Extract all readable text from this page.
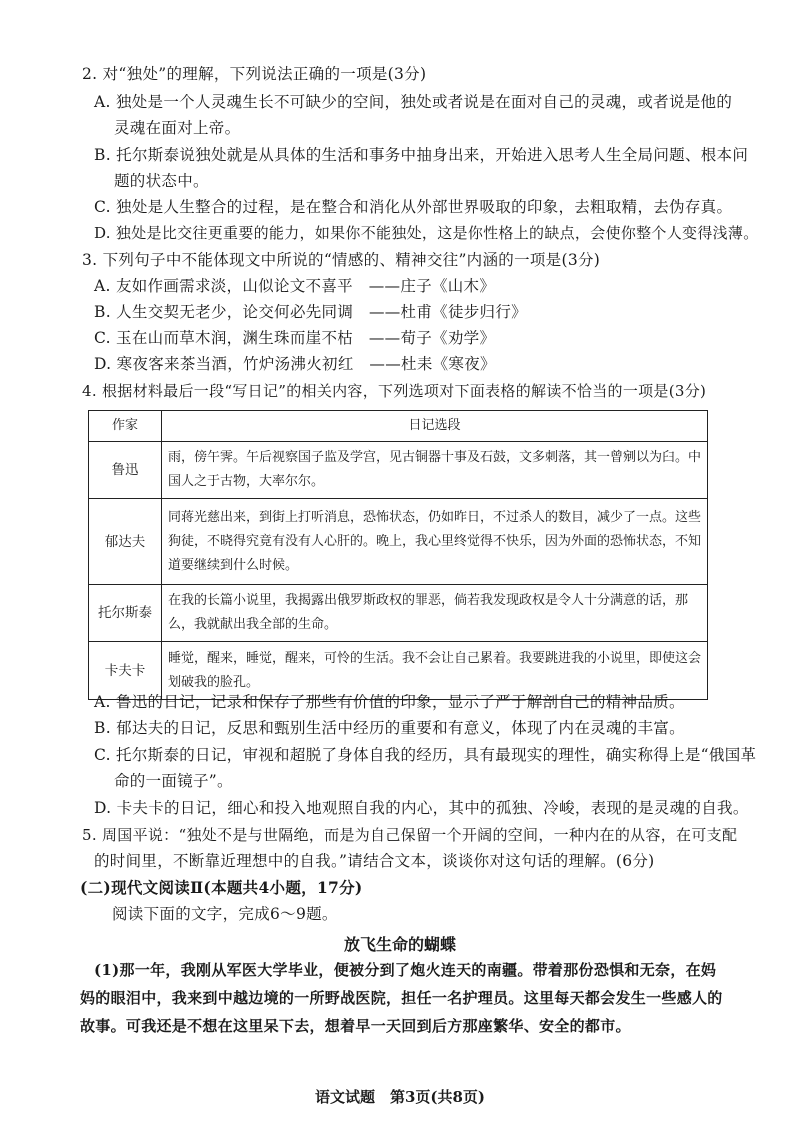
2. 对“独处”的理解，下列说法正确的一项是(3分)
A. 独处是一个人灵魂生长不可缺少的空间，独处或者说是在面对自己的灵魂，或者说是他的
灵魂在面对上帝。
B. 托尔斯泰说独处就是从具体的生活和事务中抽身出来，开始进入思考人生全局问题、根本问
题的状态中。
C. 独处是人生整合的过程，是在整合和消化从外部世界吸取的印象，去粗取精，去伪存真。
D. 独处是比交往更重要的能力，如果你不能独处，这是你性格上的缺点，会使你整个人变得浅薄。
3. 下列句子中不能体现文中所说的“情感的、精神交往”内涵的一项是(3分)
A. 友如作画需求淡，山似论文不喜平　——庄子《山木》
B. 人生交契无老少，论交何必先同调　——杜甫《徒步归行》
C. 玉在山而草木润，渊生珠而崖不枯　——荀子《劝学》
D. 寒夜客来茶当酒，竹炉汤沸火初红　——杜耒《寒夜》
4. 根据材料最后一段“写日记”的相关内容，下列选项对下面表格的解读不恰当的一项是(3分)
作家	日记选段
鲁迅	雨，傍午霁。午后视察国子监及学宫，见古铜器十事及石鼓，文多刺落，其一曾剜以为臼。中国人之于古物，大率尔尔。
郁达夫	同蒋光慈出来，到街上打听消息，恐怖状态，仍如昨日，不过杀人的数目，减少了一点。这些狗徒，不晓得究竟有没有人心肝的。晚上，我心里终觉得不快乐，因为外面的恐怖状态，不知道要继续到什么时候。
托尔斯泰	在我的长篇小说里，我揭露出俄罗斯政权的罪恶，倘若我发现政权是令人十分满意的话，那么，我就献出我全部的生命。
卡夫卡	睡觉，醒来，睡觉，醒来，可怜的生活。我不会让自己累着。我要跳进我的小说里，即使这会划破我的脸孔。
A. 鲁迅的日记，记录和保存了那些有价值的印象，显示了严于解剖自己的精神品质。
B. 郁达夫的日记，反思和甄别生活中经历的重要和有意义，体现了内在灵魂的丰富。
C. 托尔斯泰的日记，审视和超脱了身体自我的经历，具有最现实的理性，确实称得上是“俄国革
命的一面镜子”。
D. 卡夫卡的日记，细心和投入地观照自我的内心，其中的孤独、冷峻，表现的是灵魂的自我。
5. 周国平说：“独处不是与世隔绝，而是为自己保留一个开阔的空间，一种内在的从容，在可支配
的时间里，不断靠近理想中的自我。”请结合文本，谈谈你对这句话的理解。(6分)
(二)现代文阅读Ⅱ(本题共4小题，17分)
阅读下面的文字，完成6～9题。
放飞生命的蝴蝶
(1)那一年，我刚从军医大学毕业，便被分到了炮火连天的南疆。带着那份恐惧和无奈，在妈
妈的眼泪中，我来到中越边境的一所野战医院，担任一名护理员。这里每天都会发生一些感人的
故事。可我还是不想在这里呆下去，想着早一天回到后方那座繁华、安全的都市。
语文试题　第3页(共8页)
